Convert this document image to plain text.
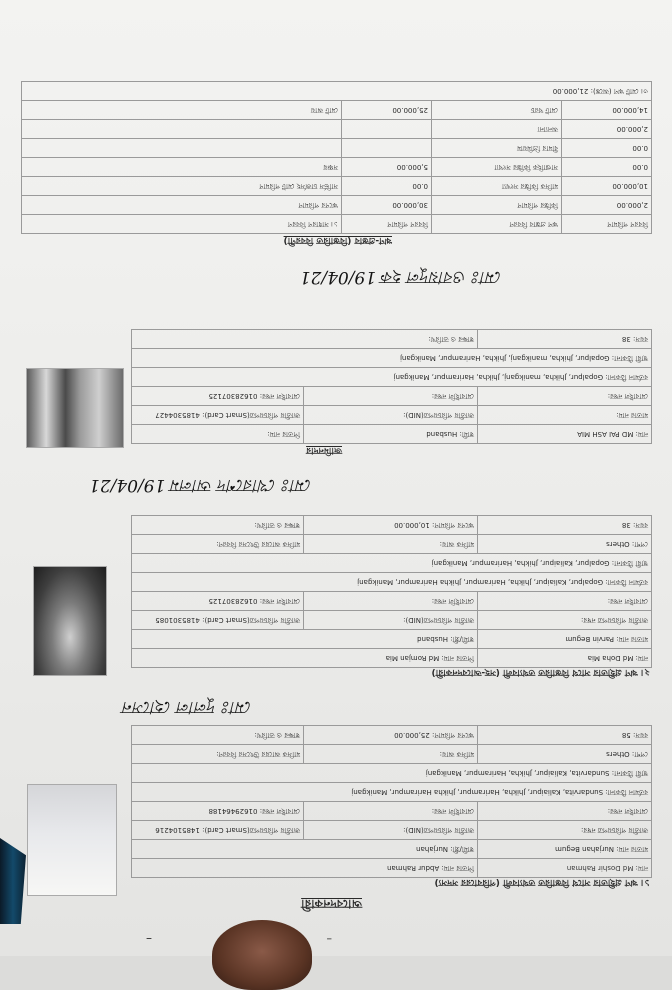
–
–
আবেদনকারী
১। ঋণ গ্রহীতার সাথে বিস্তারিত তথ্যাবলী (পরিবারের সদস্য)
নাম: Md Doshir Rahman	পিতার নাম: Abdur Rahman	
মাতার নাম: Nurjahan Begum	স্বামী/স্ত্রী: Nurjahan	
জাতীয় পরিচয়পত্র নম্বর:	জাতীয় পরিচয়পত্র(NID):	জাতীয় পরিচয়পত্র(Smart Card): 1485104216
মোবাইল নম্বর:	মোবাইলি নম্বর:	মোবাইল নম্বর: 01629464188
বর্তমান ঠিকানা: Sundarvita, Kaliaipur, Jhikha, Harirampur, Jhikha Harirampur, Manikganj		
স্থায়ী ঠিকানা: Sundarvita, Kaliaipur, Jhikha, Harirampur, Manikganj		
পেশা: Others	মাসিক আয়:	মাসিক আয়ের উৎসের বিবরণ:
বয়স: 58	ঋণের পরিমাণ: 25,000.00	স্বাক্ষর ও তারিখ:
মোঃ দুলাল হোসেন
২। ঋণ গ্রহীতার সাথে বিস্তারিত তথ্যাবলী (সহ-আবেদনকারী)
নাম: Md Doha Mia	পিতার নাম: Md Romjan Mia	
মাতার নাম: Parvin Begum	স্বামী/স্ত্রী: Husband	
জাতীয় পরিচয়পত্র নম্বর:	জাতীয় পরিচয়পত্র(NID):	জাতীয় পরিচয়পত্র(Smart Card): 4185301085
মোবাইল নম্বর:	মোবাইলি নম্বর:	মোবাইল নম্বর: 01628307125
বর্তমান ঠিকানা: Gopalpur, Kaliaipur, Jhikha, Harirampur, Jhikha Harirampur, Manikganj		
স্থায়ী ঠিকানা: Gopalpur, Kaliaipur, Jhikha, Harirampur, Manikganj		
পেশা: Others	মাসিক আয়:	মাসিক আয়ের উৎসের বিবরণ:
বয়স: 38	ঋণের পরিমাণ: 10,000.00	স্বাক্ষর ও তারিখ:
মোঃ খোরশেদ আলম 19/04/21
জামিনদার
নাম: MD PAI ASH MIA	স্বামী: Husband	পিতার নাম:
মাতার নাম:	জাতীয় পরিচয়পত্র(NID):	জাতীয় পরিচয়পত্র(Smart Card): 4185304427
মোবাইল নম্বর:	মোবাইলি নম্বর:	মোবাইল নম্বর: 01628307125
বর্তমান ঠিকানা: Gopalpur, Jhikha, manikganj, Jhikha, Harirampur, Manikganj		
স্থায়ী ঠিকানা: Gopalpur, Jhikha, manikganj, Jhikha, Harirampur, Manikganj		
বয়স: 38	স্বাক্ষর ও তারিখ:	
মোঃ ওবায়দুল হক 19/04/21
ঋণ-প্রস্তাব (বিস্তারিত বিবরণী)
বিবরণ পরিমাণ	ঋণ প্রস্তাব বিবরণ	বিবরণ পরিমাণ	১। সাধারণ বিবরণ
2,000.00	কিস্তির পরিমাণ	30,000.00	ঋণের পরিমাণ
10,000.00	মাসিক কিস্তির সংখ্যা	0.00	সার্ভিস চার্জসহ মোট পরিমাণ
0.00	সাপ্তাহিক কিস্তির সংখ্যা	5,000.00	সঞ্চয়
0.00	বীমার প্রিমিয়াম		
2,000.00	অন্যান্য		
14,000.00	মোট খরচ	25,000.00	মোট আয়
৩। মোট ঋণ (অঙ্কে): 21,000.00			
